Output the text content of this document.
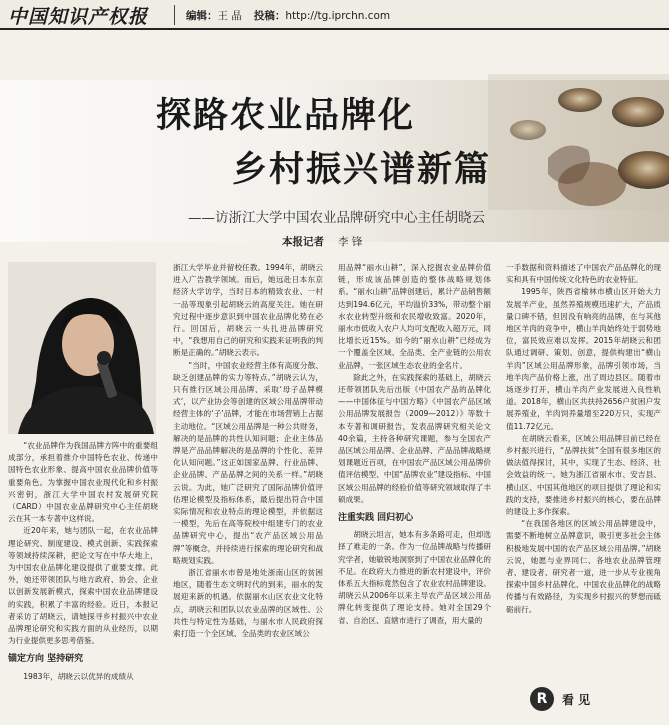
中国知识产权报	编辑：王 晶 投稿：http://tg.iprchn.com
探路农业品牌化
乡村振兴谱新篇
——访浙江大学中国农业品牌研究中心主任胡晓云
本报记者 李 锋

“农业品牌作为我国品牌方阵中的重要组成部分，承担着推介中国特色农业、传递中国特色农业形象、提高中国农业品牌价值等重要角色。为掌握中国农业现代化和乡村振兴密钥，浙江大学中国农村发展研究院（CARD）中国农业品牌研究中心主任胡晓云在其一本专著中这样说。

近20年来，她与团队一起，在农业品牌理论研究、制度建设、模式创新、实践探索等领域持续深耕，把论文写在中华大地上，为中国农业品牌化建设提供了重要支撑。此外，她还带领团队与地方政府、协会、企业以创新发展新模式，探索中国农业品牌建设的实践，积累了丰富的经验。近日，本报记者采访了胡晓云，请她探寻乡村振兴中农业品牌理论研究和实践方面的从业经历，以期为行业提供更多思考借鉴。

锚定方向 坚持研究

1983年，胡晓云以优异的成绩从

浙江大学毕业并留校任教。1994年，胡晓云进入广告教学领域。而后，她远赴日本东京经济大学访学，当时日本的精致农业、一村一品等现象引起胡晓云的高度关注。她在研究过程中逐步意识到中国农业品牌化势在必行。回国后，胡晓云一头扎进品牌研究中，“我想用自己的研究和实践来证明我的判断是正确的。”胡晓云表示。

“当时，中国农业经营主体有高度分散、缺乏创建品牌的实力等特点。”胡晓云认为，只有推行区域公用品牌、采取‘母子品牌模式’，以产业协会等创建的区域公用品牌带动经营主体的‘子’品牌，才能在市场营销上占据主动地位。“区域公用品牌是一种公共财务，解决的是品牌的共性认知问题；企业主体品牌是产品品牌解决的是品牌的个性化、差异化认知问题。”这正如国家品牌、行业品牌、企业品牌、产品品牌之间的关系一样。”胡晓云说。为此，她广泛研究了国际品牌价值评估理论模型及指标体系，最后提出符合中国实际情况和农业特点的理论模型，并依据这一模型，先后在高等院校中组建专门的农业品牌研究中心，提出“农产品区域公用品牌”等概念，并持续进行探索的理论研究和战略规划实践。

浙江省丽水市曾是地处浙南山区的贫困地区，随着生态文明时代的到来，丽水的发展迎来新的机遇。依据丽水山区农业文化特点，胡晓云和团队以农业品牌的区域性、公共性与特定性为基础，与丽水市人民政府探索打造一个全区域、全品类的农业区域公

用品牌“丽水山耕”，深入挖掘农业品牌价值链，形成该品牌创造的整体战略规划体系。“丽水山耕”品牌创建后，累计产品销售额达到194.6亿元，平均溢价33%，带动整个丽水农业转型升级和农民增收致富。2020年，丽水市低收入农户人均可支配收入超万元，同比增长近15%。如今的“丽水山耕”已经成为一个覆盖全区域、全品类、全产业链的公用农业品牌，一张区域生态农业的金名片。

除此之外，在实践探索的基础上，胡晓云还带领团队先后出版《中国农产品的品牌化——中国体征与中国方略》《中国农产品区域公用品牌发展报告（2009—2012）》等数十本专著和调研报告，发表品牌研究相关论文40余篇，主持各种研究课题，参与全国农产品区域公用品牌、企业品牌、产品品牌战略规划课题近百项，在中国农产品区域公用品牌价值评估模型、中国“品牌农业”建设指标、中国区域公用品牌的经验价值等研究领域取得了丰硕成果。

注重实践 回归初心

胡晓云坦言，她本有多条路可走，但却选择了难走的一条。作为一位品牌战略与传播研究学者，她敏锐地洞察到了中国农业品牌化的不足。在政府大力推进的新农村建设中，评价体系五大指标竟然包含了农业农村品牌建设。胡晓云从2006年以来主导农产品区域公用品牌化转变提供了理论支持。她对全国29个省、自治区、直辖市进行了调查，用大量的

一手数据和资料描述了中国农产品品牌化的现实和具有中国传统文化特色的农业特征。

1995年，陕西省榆林市横山区开始大力发展羊产业，虽然养殖规模迅速扩大，产品质量口碑不错，但因没有响亮的品牌，在与其他地区羊肉的竞争中，横山羊肉始终处于弱势地位，富民效应难以发挥。2015年胡晓云和团队通过调研、策划、创意，提供构建出“横山羊肉”区域公用品牌形象，品牌引领市场，当地羊肉产品价格上涨，出了周边县区。随着市场逐步打开，横山羊肉产业发展进入良性轨道。2018年，横山区共扶持2656户贫困户发展养殖业，羊肉饲养量增至220万只，实现产值11.72亿元。

在胡晓云看来，区域公用品牌目前已经在乡村振兴进行，“品牌扶贫”全国有很多地区的做法值得探讨，其中，实现了生态、经济、社会效益的统一。她为浙江省丽水市、安吉县、横山区、中国其他地区的项目提供了理论和实践的支持，要推进乡村振兴的核心，要在品牌的建设上多作探索。

“在我国各地区的区域公用品牌建设中，需要不断地树立品牌意识，吸引更多社会主体积极地发展中国的农产品区域公用品牌。”胡晓云说，她愿与业界同仁、各地农业品牌管理者、建设者、研究者一道，进一步从专业视角探索中国乡村品牌化、中国农业品牌化的战略传播与有效路径，为实现乡村振兴的梦想而砥砺前行。

R 看 见
